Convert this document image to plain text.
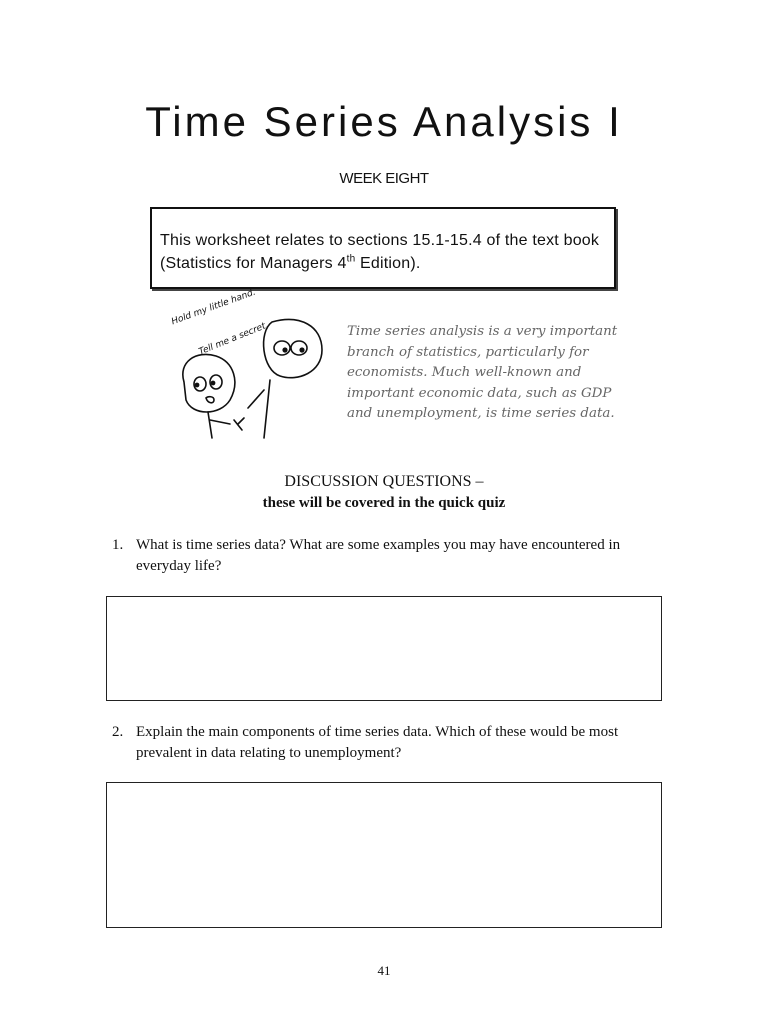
Time Series Analysis I
WEEK EIGHT
This worksheet relates to sections 15.1-15.4 of the text book (Statistics for Managers 4th Edition).
Hold my little hand.
Tell me a secret.	Time series analysis is a very important branch of statistics, particularly for economists. Much well-known and important economic data, such as GDP and unemployment, is time series data.
DISCUSSION QUESTIONS –
these will be covered in the quick quiz
1. What is time series data? What are some examples you may have encountered in everyday life?
2. Explain the main components of time series data. Which of these would be most prevalent in data relating to unemployment?
41
